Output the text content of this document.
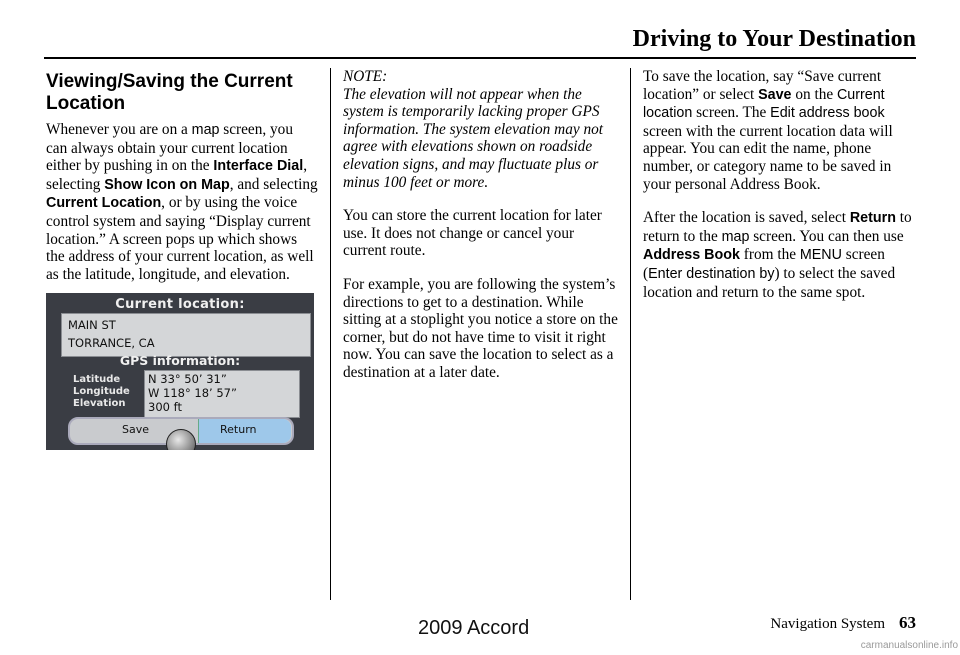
Driving to Your Destination
Viewing/Saving the Current Location

Whenever you are on a map screen, you can always obtain your current location either by pushing in on the Interface Dial, selecting Show Icon on Map, and selecting Current Location, or by using the voice control system and saying “Display current location.” A screen pops up which shows the address of your current location, as well as the latitude, longitude, and elevation.

Current location:
MAIN ST
TORRANCE, CA
GPS information:
Latitude
Longitude
Elevation
N 33° 50’ 31”
W 118° 18’ 57”
300 ft
Save	Return

NOTE:

The elevation will not appear when the system is temporarily lacking proper GPS information. The system elevation may not agree with elevations shown on roadside elevation signs, and may fluctuate plus or minus 100 feet or more.

You can store the current location for later use. It does not change or cancel your current route.

For example, you are following the system’s directions to get to a destination. While sitting at a stoplight you notice a store on the corner, but do not have time to visit it right now. You can save the location to select as a destination at a later date.

To save the location, say “Save current location” or select Save on the Current location screen. The Edit address book screen with the current location data will appear. You can edit the name, phone number, or category name to be saved in your personal Address Book.

After the location is saved, select Return to return to the map screen. You can then use Address Book from the MENU screen (Enter destination by) to select the saved location and return to the same spot.

Navigation System 63
2009 Accord
carmanualsonline.info
